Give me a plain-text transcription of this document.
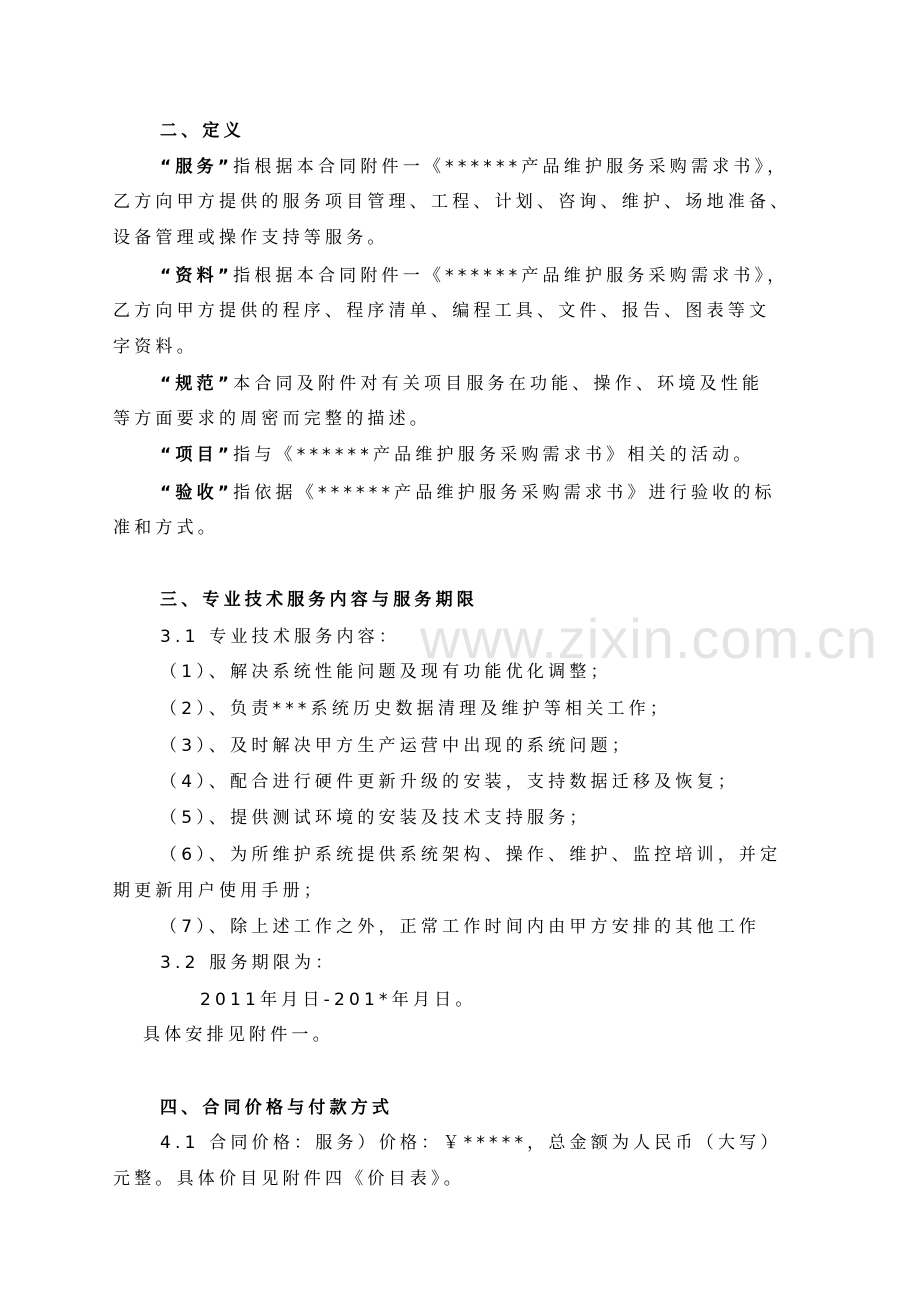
www.zixin.com.cn
二、定义
“服务”指根据本合同附件一《******产品维护服务采购需求书》，
乙方向甲方提供的服务项目管理、工程、计划、咨询、维护、场地准备、
设备管理或操作支持等服务。
“资料”指根据本合同附件一《******产品维护服务采购需求书》，
乙方向甲方提供的程序、程序清单、编程工具、文件、报告、图表等文
字资料。
“规范”本合同及附件对有关项目服务在功能、操作、环境及性能
等方面要求的周密而完整的描述。
“项目”指与《******产品维护服务采购需求书》相关的活动。
“验收”指依据《******产品维护服务采购需求书》进行验收的标
准和方式。
三、专业技术服务内容与服务期限
3.1 专业技术服务内容：
（1）、解决系统性能问题及现有功能优化调整；
（2）、负责***系统历史数据清理及维护等相关工作；
（3）、及时解决甲方生产运营中出现的系统问题；
（4）、配合进行硬件更新升级的安装，支持数据迁移及恢复；
（5）、提供测试环境的安装及技术支持服务；
（6）、为所维护系统提供系统架构、操作、维护、监控培训，并定
期更新用户使用手册；
（7）、除上述工作之外，正常工作时间内由甲方安排的其他工作
3.2 服务期限为：
2011年月日-201*年月日。
具体安排见附件一。
四、合同价格与付款方式
4.1 合同价格：服务）价格：￥*****，总金额为人民币（大写）
元整。具体价目见附件四《价目表》。
